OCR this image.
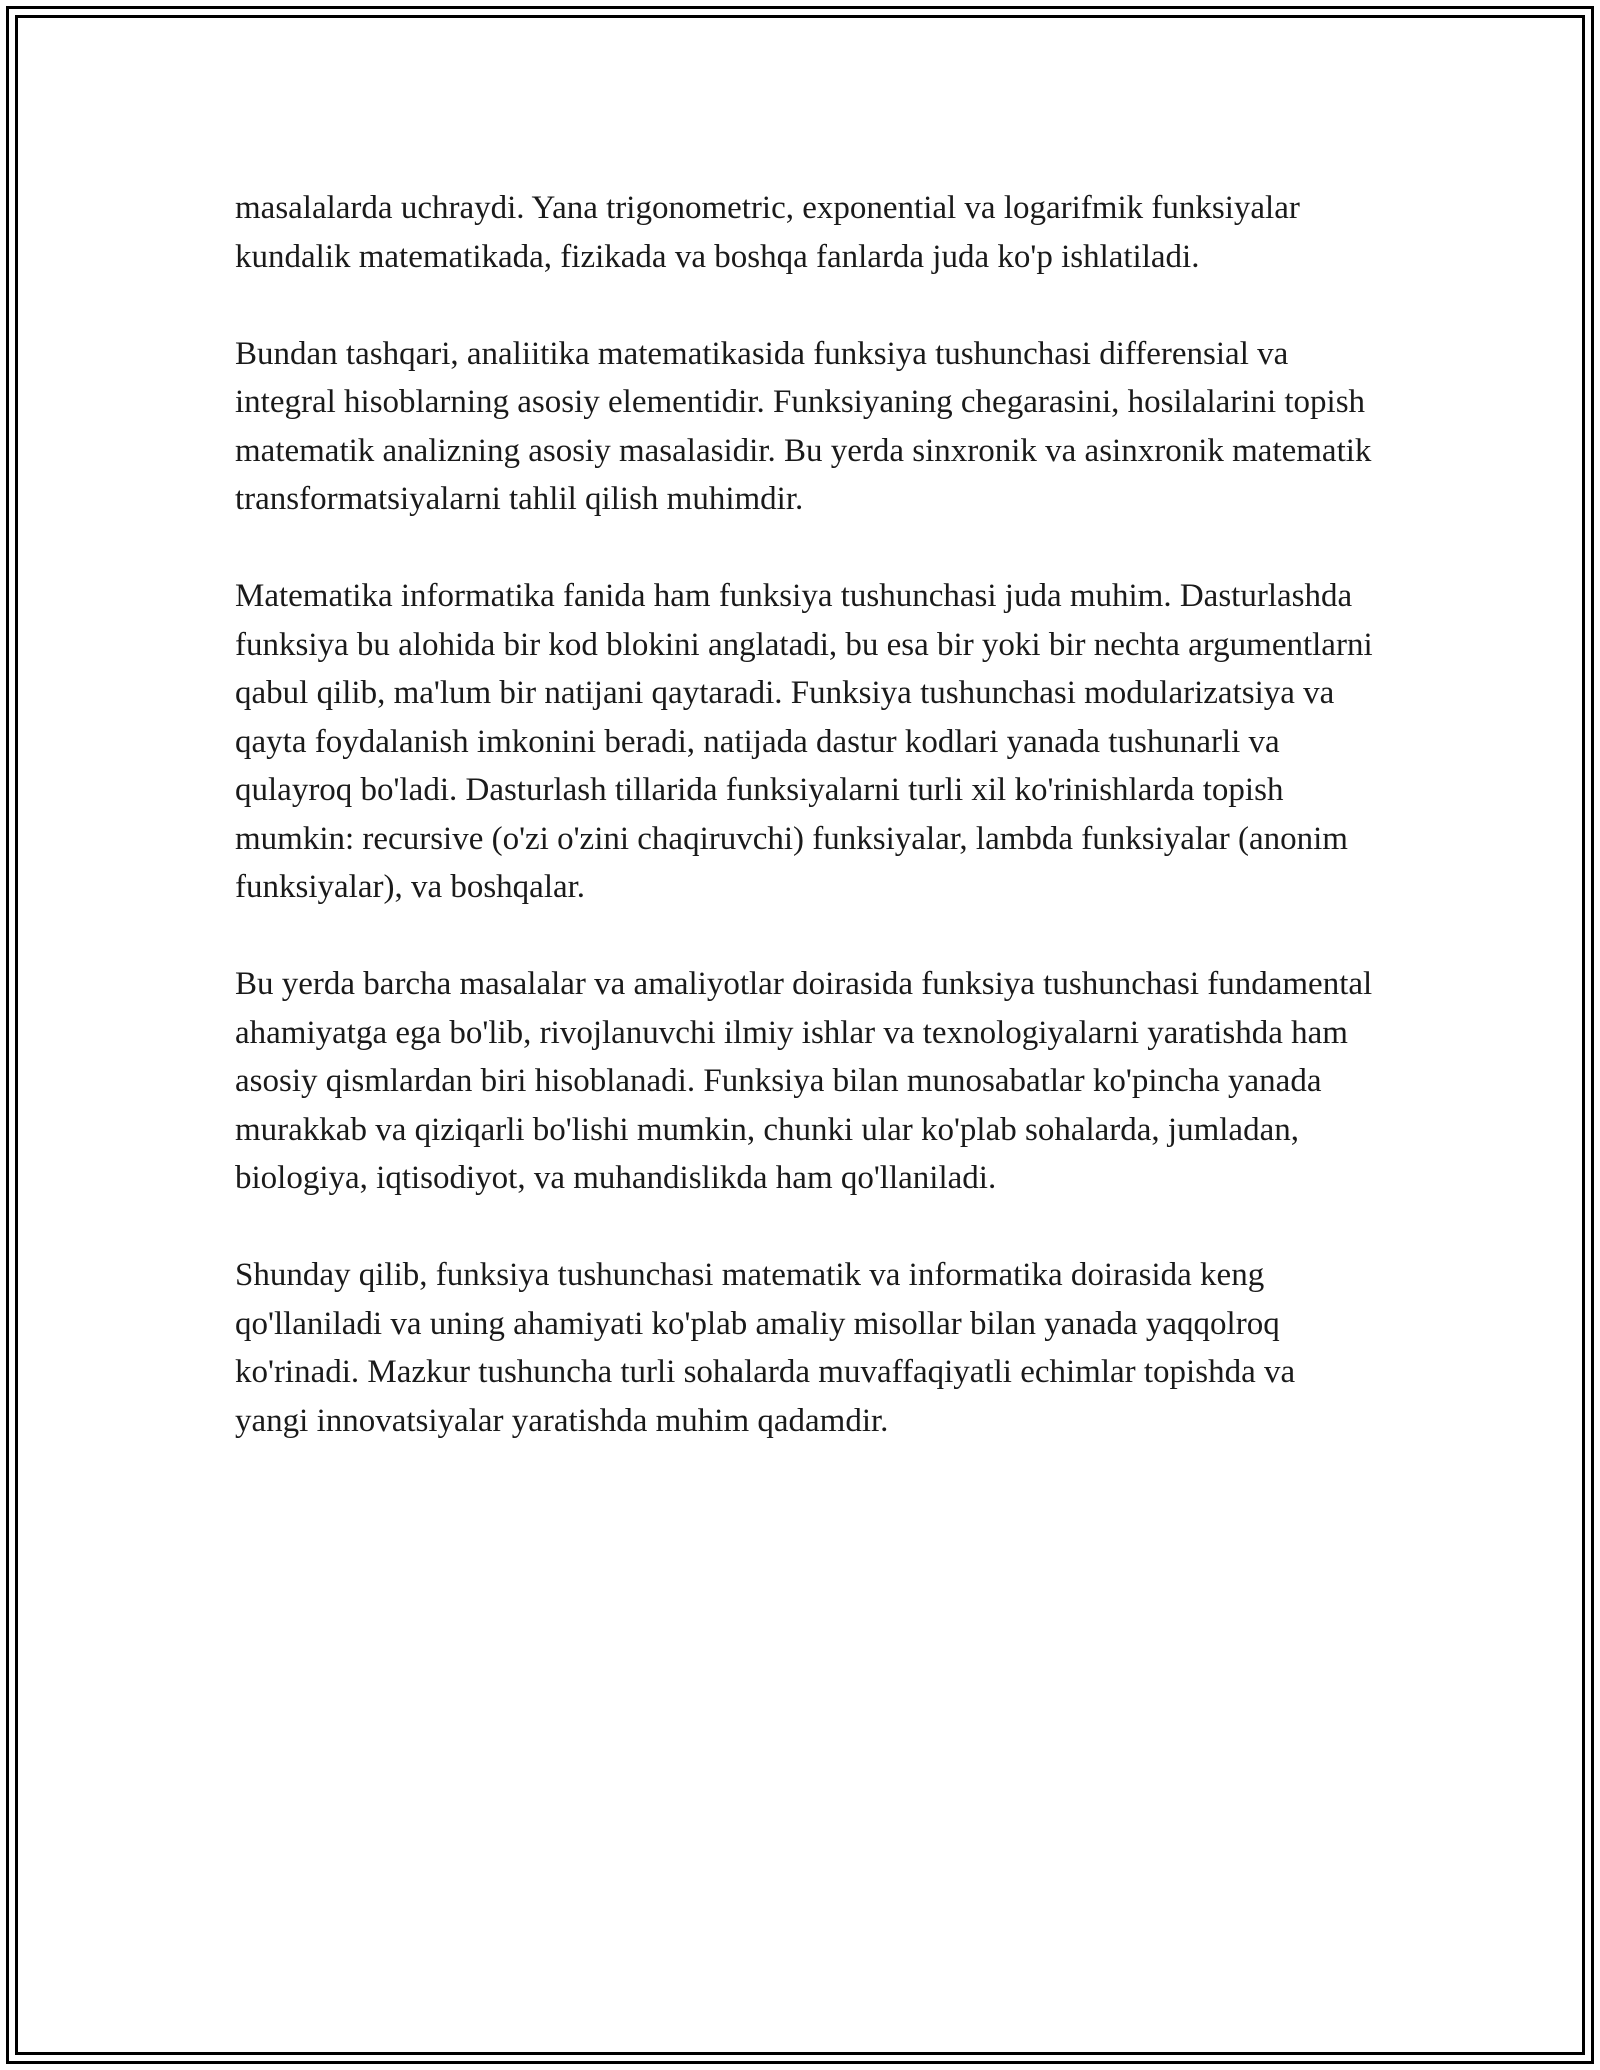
masalalarda uchraydi. Yana trigonometric, exponential va logarifmik funksiyalar kundalik matematikada, fizikada va boshqa fanlarda juda ko'p ishlatiladi.

Bundan tashqari, analiitika matematikasida funksiya tushunchasi differensial va integral hisoblarning asosiy elementidir. Funksiyaning chegarasini, hosilalarini topish matematik analizning asosiy masalasidir. Bu yerda sinxronik va asinxronik matematik transformatsiyalarni tahlil qilish muhimdir.

Matematika informatika fanida ham funksiya tushunchasi juda muhim. Dasturlashda funksiya bu alohida bir kod blokini anglatadi, bu esa bir yoki bir nechta argumentlarni qabul qilib, ma'lum bir natijani qaytaradi. Funksiya tushunchasi modularizatsiya va qayta foydalanish imkonini beradi, natijada dastur kodlari yanada tushunarli va qulayroq bo'ladi. Dasturlash tillarida funksiyalarni turli xil ko'rinishlarda topish mumkin: recursive (o'zi o'zini chaqiruvchi) funksiyalar, lambda funksiyalar (anonim funksiyalar), va boshqalar.

Bu yerda barcha masalalar va amaliyotlar doirasida funksiya tushunchasi fundamental ahamiyatga ega bo'lib, rivojlanuvchi ilmiy ishlar va texnologiyalarni yaratishda ham asosiy qismlardan biri hisoblanadi. Funksiya bilan munosabatlar ko'pincha yanada murakkab va qiziqarli bo'lishi mumkin, chunki ular ko'plab sohalarda, jumladan, biologiya, iqtisodiyot, va muhandislikda ham qo'llaniladi.

Shunday qilib, funksiya tushunchasi matematik va informatika doirasida keng qo'llaniladi va uning ahamiyati ko'plab amaliy misollar bilan yanada yaqqolroq ko'rinadi. Mazkur tushuncha turli sohalarda muvaffaqiyatli echimlar topishda va yangi innovatsiyalar yaratishda muhim qadamdir.
